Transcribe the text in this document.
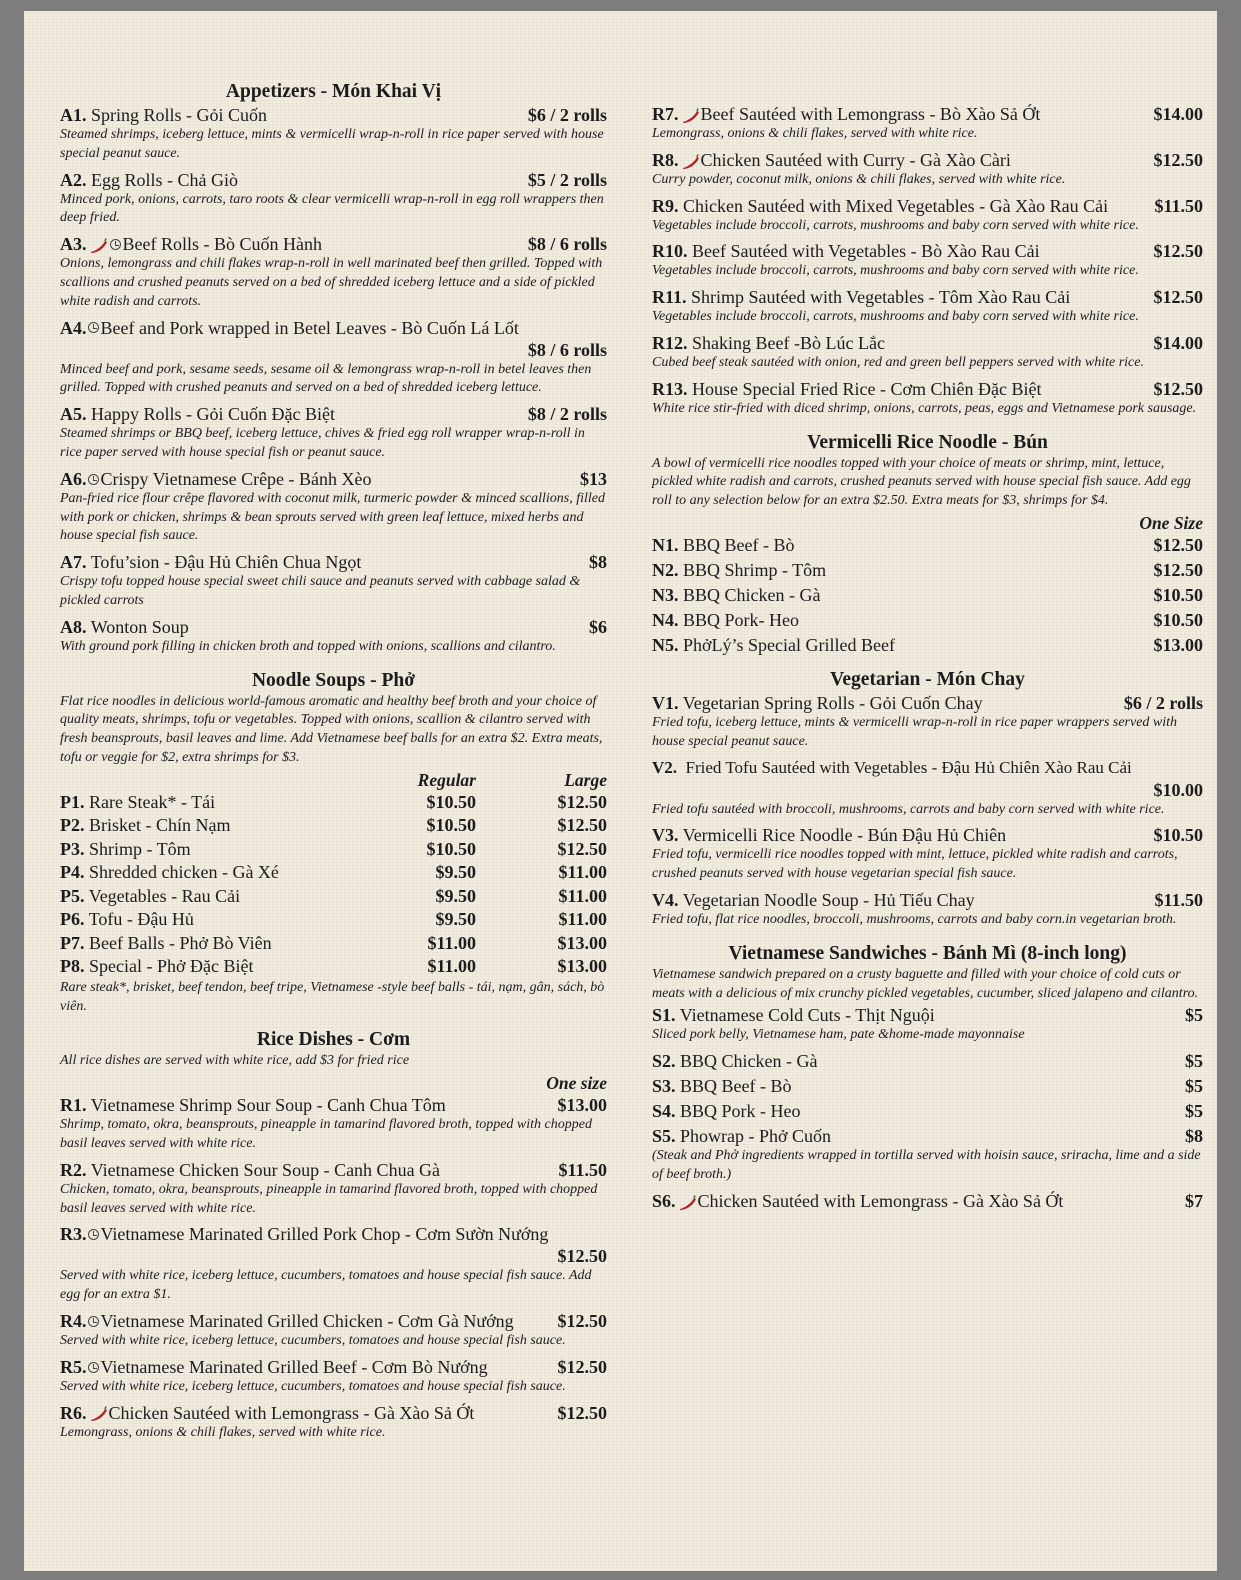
Appetizers - Món Khai Vị
A1. Spring Rolls - Gỏi Cuốn	$6 / 2 rolls
Steamed shrimps, iceberg lettuce, mints & vermicelli wrap-n-roll in rice paper served with house special peanut sauce.
A2. Egg Rolls - Chả Giò	$5 / 2 rolls
Minced pork, onions, carrots, taro roots & clear vermicelli wrap-n-roll in egg roll wrappers then deep fried.
A3. Beef Rolls - Bò Cuốn Hành	$8 / 6 rolls
Onions, lemongrass and chili flakes wrap-n-roll in well marinated beef then grilled. Topped with scallions and crushed peanuts served on a bed of shredded iceberg lettuce and a side of pickled white radish and carrots.
A4. Beef and Pork wrapped in Betel Leaves - Bò Cuốn Lá Lốt
$8 / 6 rolls
Minced beef and pork, sesame seeds, sesame oil & lemongrass wrap-n-roll in betel leaves then grilled. Topped with crushed peanuts and served on a bed of shredded iceberg lettuce.
A5. Happy Rolls - Gỏi Cuốn Đặc Biệt	$8 / 2 rolls
Steamed shrimps or BBQ beef, iceberg lettuce, chives & fried egg roll wrapper wrap-n-roll in rice paper served with house special fish or peanut sauce.
A6. Crispy Vietnamese Crêpe - Bánh Xèo	$13
Pan-fried rice flour crêpe flavored with coconut milk, turmeric powder & minced scallions, filled with pork or chicken, shrimps & bean sprouts served with green leaf lettuce, mixed herbs and house special fish sauce.
A7. Tofu’sion - Đậu Hủ Chiên Chua Ngọt	$8
Crispy tofu topped house special sweet chili sauce and peanuts served with cabbage salad & pickled carrots
A8. Wonton Soup	$6
With ground pork filling in chicken broth and topped with onions, scallions and cilantro.
Noodle Soups - Phở
Flat rice noodles in delicious world-famous aromatic and healthy beef broth and your choice of quality meats, shrimps, tofu or vegetables. Topped with onions, scallion & cilantro served with fresh beansprouts, basil leaves and lime. Add Vietnamese beef balls for an extra $2. Extra meats, tofu or veggie for $2, extra shrimps for $3.
Regular	Large
P1. Rare Steak* - Tái	$10.50	$12.50
P2. Brisket - Chín Nạm	$10.50	$12.50
P3. Shrimp - Tôm	$10.50	$12.50
P4. Shredded chicken - Gà Xé	$9.50	$11.00
P5. Vegetables - Rau Cải	$9.50	$11.00
P6. Tofu - Đậu Hủ	$9.50	$11.00
P7. Beef Balls - Phở Bò Viên	$11.00	$13.00
P8. Special - Phở Đặc Biệt	$11.00	$13.00
Rare steak*, brisket, beef tendon, beef tripe, Vietnamese -style beef balls - tái, nạm, gân, sách, bò viên.
Rice Dishes - Cơm
All rice dishes are served with white rice, add $3 for fried rice
One size
R1. Vietnamese Shrimp Sour Soup - Canh Chua Tôm	$13.00
Shrimp, tomato, okra, beansprouts, pineapple in tamarind flavored broth, topped with chopped basil leaves served with white rice.
R2. Vietnamese Chicken Sour Soup - Canh Chua Gà	$11.50
Chicken, tomato, okra, beansprouts, pineapple in tamarind flavored broth, topped with chopped basil leaves served with white rice.
R3. Vietnamese Marinated Grilled Pork Chop - Cơm Sườn Nướng
$12.50
Served with white rice, iceberg lettuce, cucumbers, tomatoes and house special fish sauce. Add egg for an extra $1.
R4. Vietnamese Marinated Grilled Chicken - Cơm Gà Nướng $12.50
Served with white rice, iceberg lettuce, cucumbers, tomatoes and house special fish sauce.
R5. Vietnamese Marinated Grilled Beef - Cơm Bò Nướng	$12.50
Served with white rice, iceberg lettuce, cucumbers, tomatoes and house special fish sauce.
R6. Chicken Sautéed with Lemongrass - Gà Xào Sả Ớt	$12.50
Lemongrass, onions & chili flakes, served with white rice.
R7. Beef Sautéed with Lemongrass - Bò Xào Sả Ớt	$14.00
Lemongrass, onions & chili flakes, served with white rice.
R8. Chicken Sautéed with Curry - Gà Xào Càri	$12.50
Curry powder, coconut milk, onions & chili flakes, served with white rice.
R9. Chicken Sautéed with Mixed Vegetables - Gà Xào Rau Cải	$11.50
Vegetables include broccoli, carrots, mushrooms and baby corn served with white rice.
R10. Beef Sautéed with Vegetables - Bò Xào Rau Cải	$12.50
Vegetables include broccoli, carrots, mushrooms and baby corn served with white rice.
R11. Shrimp Sautéed with Vegetables - Tôm Xào Rau Cải	$12.50
Vegetables include broccoli, carrots, mushrooms and baby corn served with white rice.
R12. Shaking Beef -Bò Lúc Lắc	$14.00
Cubed beef steak sautéed with onion, red and green bell peppers served with white rice.
R13. House Special Fried Rice - Cơm Chiên Đặc Biệt	$12.50
White rice stir-fried with diced shrimp, onions, carrots, peas, eggs and Vietnamese pork sausage.
Vermicelli Rice Noodle - Bún
A bowl of vermicelli rice noodles topped with your choice of meats or shrimp, mint, lettuce, pickled white radish and carrots, crushed peanuts served with house special fish sauce. Add egg roll to any selection below for an extra $2.50. Extra meats for $3, shrimps for $4.
One Size
N1. BBQ Beef - Bò	$12.50
N2. BBQ Shrimp - Tôm	$12.50
N3. BBQ Chicken - Gà	$10.50
N4. BBQ Pork- Heo	$10.50
N5. PhởLý’s Special Grilled Beef	$13.00
Vegetarian - Món Chay
V1. Vegetarian Spring Rolls - Gỏi Cuốn Chay	$6 / 2 rolls
Fried tofu, iceberg lettuce, mints & vermicelli wrap-n-roll in rice paper wrappers served with house special peanut sauce.
V2. Fried Tofu Sautéed with Vegetables - Đậu Hủ Chiên Xào Rau Cải
$10.00
Fried tofu sautéed with broccoli, mushrooms, carrots and baby corn served with white rice.
V3. Vermicelli Rice Noodle - Bún Đậu Hủ Chiên	$10.50
Fried tofu, vermicelli rice noodles topped with mint, lettuce, pickled white radish and carrots, crushed peanuts served with house vegetarian special fish sauce.
V4. Vegetarian Noodle Soup - Hủ Tiếu Chay	$11.50
Fried tofu, flat rice noodles, broccoli, mushrooms, carrots and baby corn.in vegetarian broth.
Vietnamese Sandwiches - Bánh Mì (8-inch long)
Vietnamese sandwich prepared on a crusty baguette and filled with your choice of cold cuts or meats with a delicious of mix crunchy pickled vegetables, cucumber, sliced jalapeno and cilantro.
S1. Vietnamese Cold Cuts - Thịt Nguội	$5
Sliced pork belly, Vietnamese ham, pate &home-made mayonnaise
S2. BBQ Chicken - Gà	$5
S3. BBQ Beef - Bò	$5
S4. BBQ Pork - Heo	$5
S5. Phowrap - Phở Cuốn	$8
(Steak and Phở ingredients wrapped in tortilla served with hoisin sauce, sriracha, lime and a side of beef broth.)
S6. Chicken Sautéed with Lemongrass - Gà Xào Sả Ớt	$7
